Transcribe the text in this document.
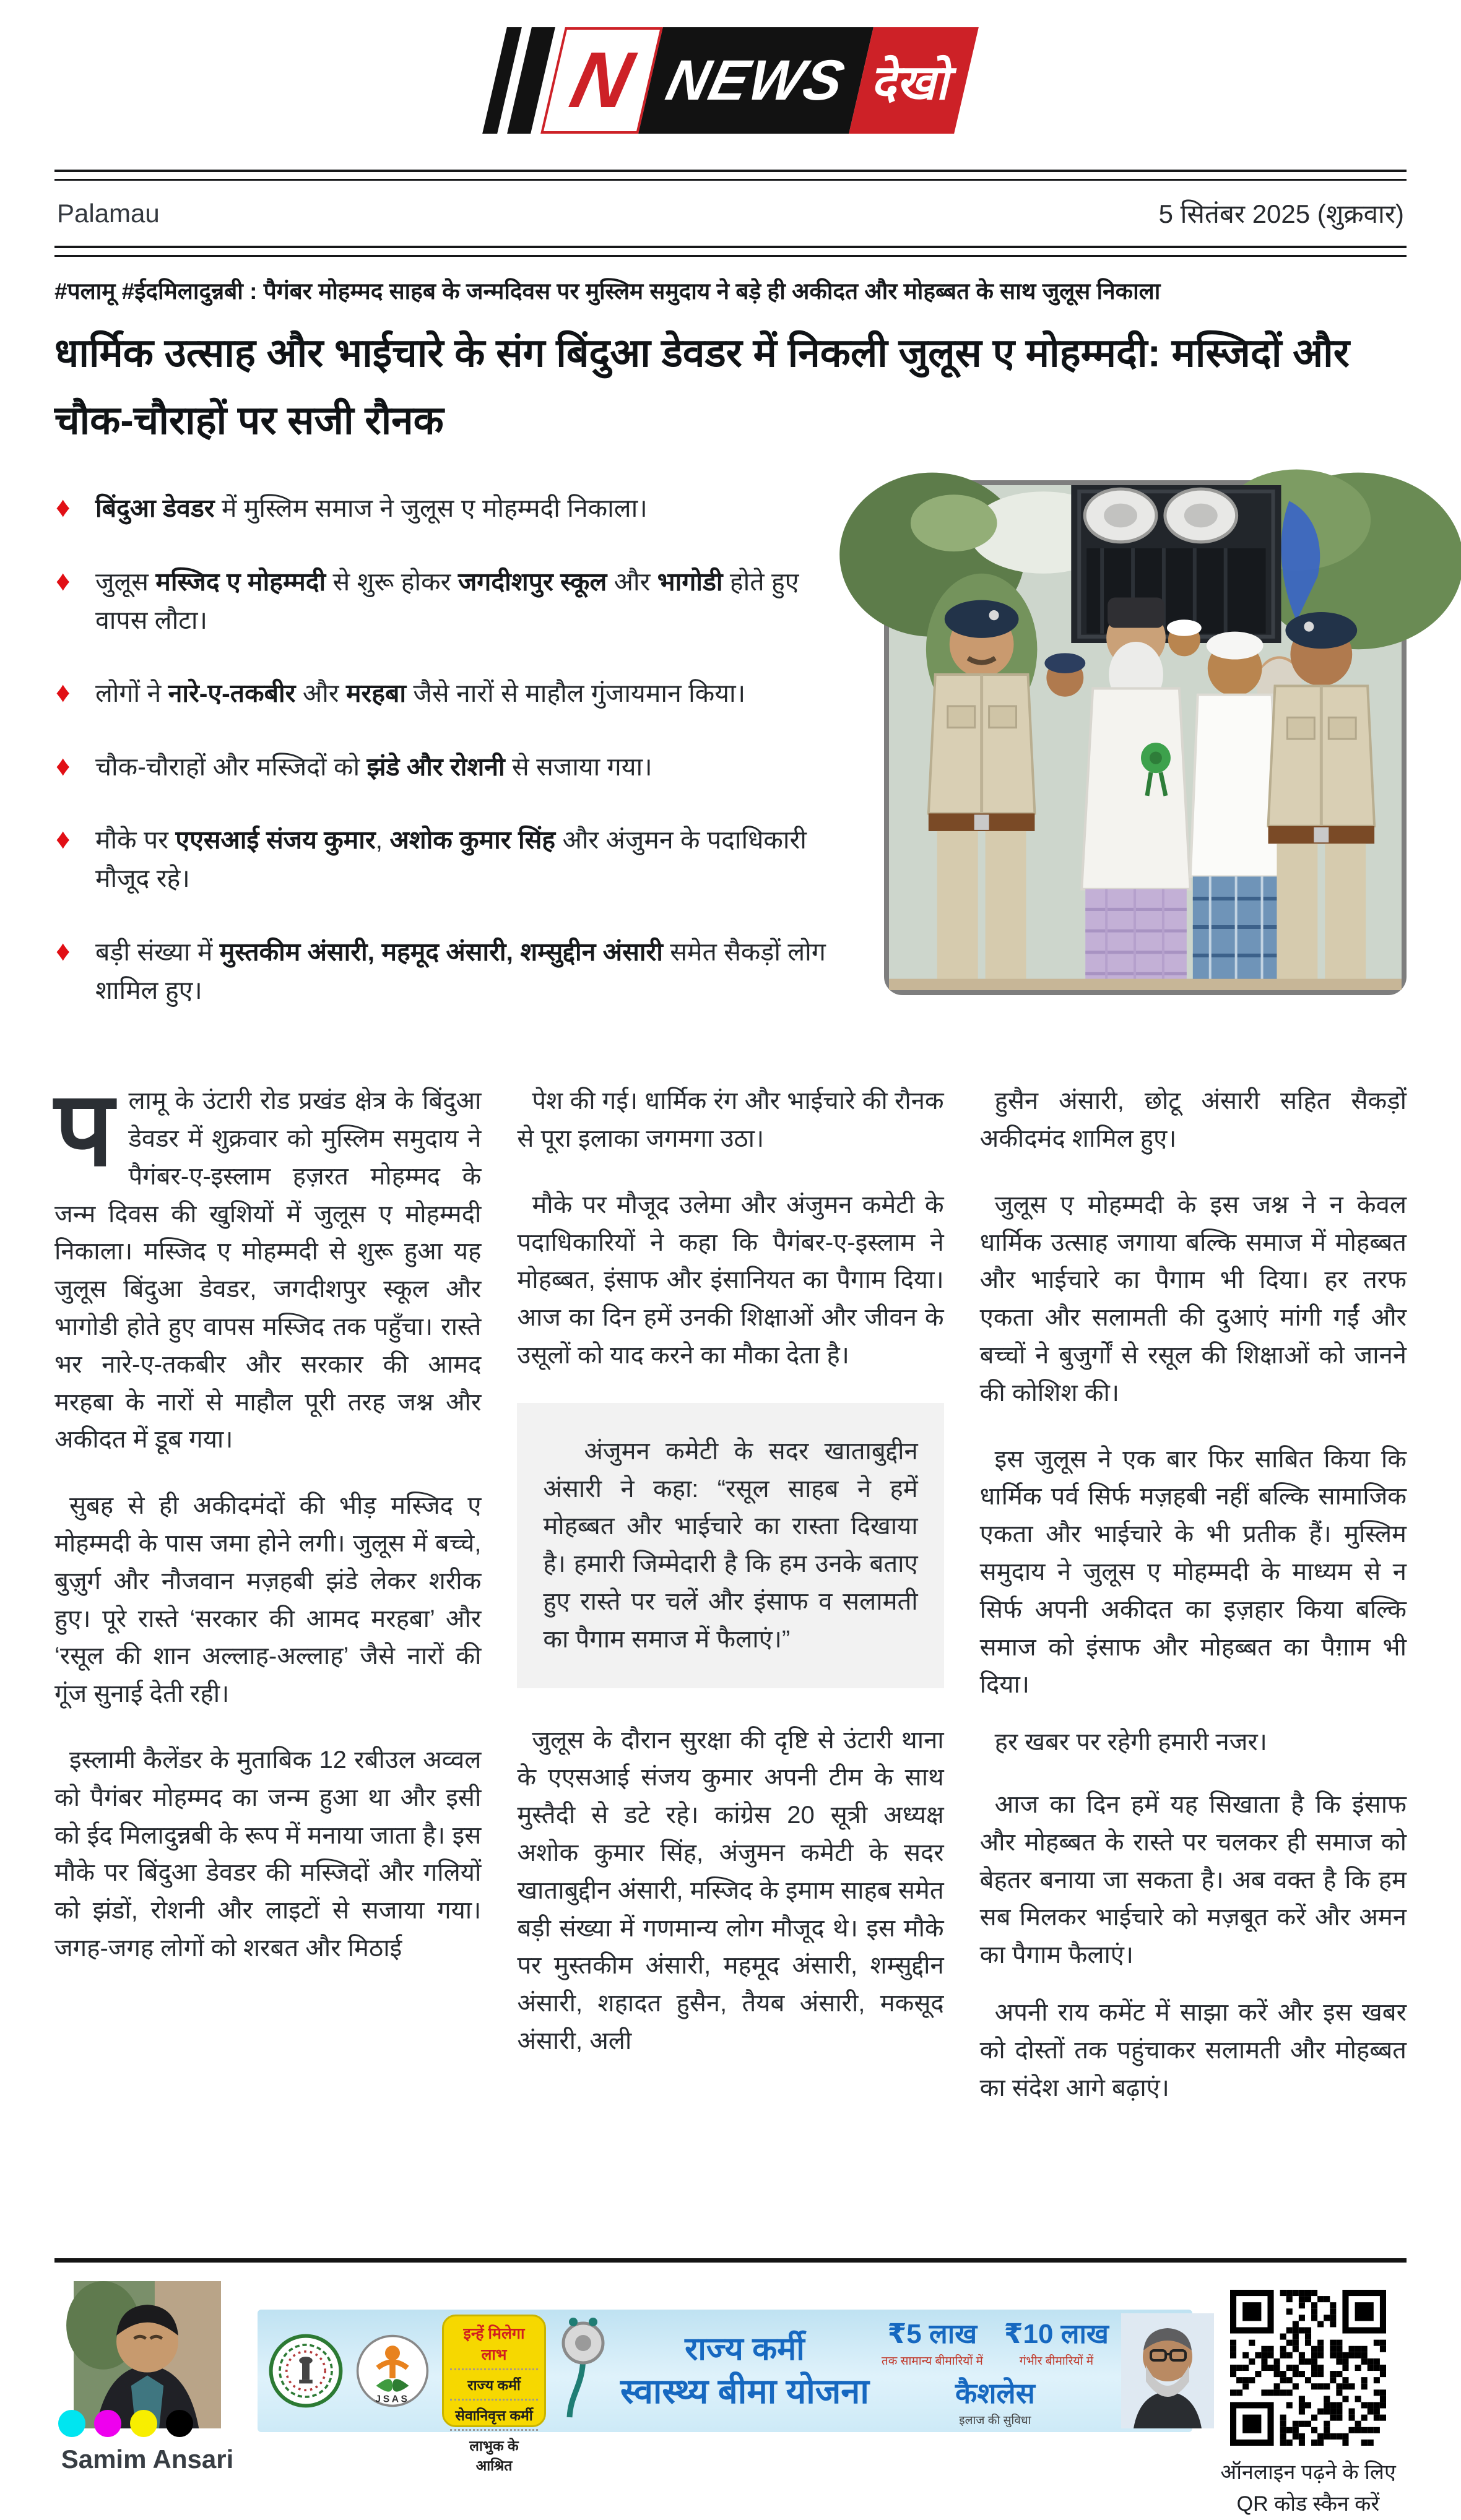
N NEWS देखो
Palamau	5 सितंबर 2025 (शुक्रवार)
#पलामू #ईदमिलादुन्नबी : पैगंबर मोहम्मद साहब के जन्मदिवस पर मुस्लिम समुदाय ने बड़े ही अकीदत और मोहब्बत के साथ जुलूस निकाला
धार्मिक उत्साह और भाईचारे के संग बिंदुआ डेवडर में निकली जुलूस ए मोहम्मदी: मस्जिदों और चौक-चौराहों पर सजी रौनक
♦ बिंदुआ डेवडर में मुस्लिम समाज ने जुलूस ए मोहम्मदी निकाला।
♦ जुलूस मस्जिद ए मोहम्मदी से शुरू होकर जगदीशपुर स्कूल और भागोडी होते हुए वापस लौटा।
♦ लोगों ने नारे-ए-तकबीर और मरहबा जैसे नारों से माहौल गुंजायमान किया।
♦ चौक-चौराहों और मस्जिदों को झंडे और रोशनी से सजाया गया।
♦ मौके पर एएसआई संजय कुमार, अशोक कुमार सिंह और अंजुमन के पदाधिकारी मौजूद रहे।
♦ बड़ी संख्या में मुस्तकीम अंसारी, महमूद अंसारी, शम्सुद्दीन अंसारी समेत सैकड़ों लोग शामिल हुए।

पलामू के उंटारी रोड प्रखंड क्षेत्र के बिंदुआ डेवडर में शुक्रवार को मुस्लिम समुदाय ने पैगंबर-ए-इस्लाम हज़रत मोहम्मद के जन्म दिवस की खुशियों में जुलूस ए मोहम्मदी निकाला। मस्जिद ए मोहम्मदी से शुरू हुआ यह जुलूस बिंदुआ डेवडर, जगदीशपुर स्कूल और भागोडी होते हुए वापस मस्जिद तक पहुँचा। रास्ते भर नारे-ए-तकबीर और सरकार की आमद मरहबा के नारों से माहौल पूरी तरह जश्न और अकीदत में डूब गया।

सुबह से ही अकीदमंदों की भीड़ मस्जिद ए मोहम्मदी के पास जमा होने लगी। जुलूस में बच्चे, बुज़ुर्ग और नौजवान मज़हबी झंडे लेकर शरीक हुए। पूरे रास्ते ‘सरकार की आमद मरहबा’ और ‘रसूल की शान अल्लाह-अल्लाह’ जैसे नारों की गूंज सुनाई देती रही।

इस्लामी कैलेंडर के मुताबिक 12 रबीउल अव्वल को पैगंबर मोहम्मद का जन्म हुआ था और इसी को ईद मिलादुन्नबी के रूप में मनाया जाता है। इस मौके पर बिंदुआ डेवडर की मस्जिदों और गलियों को झंडों, रोशनी और लाइटों से सजाया गया। जगह-जगह लोगों को शरबत और मिठाई

पेश की गई। धार्मिक रंग और भाईचारे की रौनक से पूरा इलाका जगमगा उठा।

मौके पर मौजूद उलेमा और अंजुमन कमेटी के पदाधिकारियों ने कहा कि पैगंबर-ए-इस्लाम ने मोहब्बत, इंसाफ और इंसानियत का पैगाम दिया। आज का दिन हमें उनकी शिक्षाओं और जीवन के उसूलों को याद करने का मौका देता है।

अंजुमन कमेटी के सदर खाताबुद्दीन अंसारी ने कहा: “रसूल साहब ने हमें मोहब्बत और भाईचारे का रास्ता दिखाया है। हमारी जिम्मेदारी है कि हम उनके बताए हुए रास्ते पर चलें और इंसाफ व सलामती का पैगाम समाज में फैलाएं।”

जुलूस के दौरान सुरक्षा की दृष्टि से उंटारी थाना के एएसआई संजय कुमार अपनी टीम के साथ मुस्तैदी से डटे रहे। कांग्रेस 20 सूत्री अध्यक्ष अशोक कुमार सिंह, अंजुमन कमेटी के सदर खाताबुद्दीन अंसारी, मस्जिद के इमाम साहब समेत बड़ी संख्या में गणमान्य लोग मौजूद थे। इस मौके पर मुस्तकीम अंसारी, महमूद अंसारी, शम्सुद्दीन अंसारी, शहादत हुसैन, तैयब अंसारी, मकसूद अंसारी, अली

हुसैन अंसारी, छोटू अंसारी सहित सैकड़ों अकीदमंद शामिल हुए।

जुलूस ए मोहम्मदी के इस जश्न ने न केवल धार्मिक उत्साह जगाया बल्कि समाज में मोहब्बत और भाईचारे का पैगाम भी दिया। हर तरफ एकता और सलामती की दुआएं मांगी गईं और बच्चों ने बुजुर्गों से रसूल की शिक्षाओं को जानने की कोशिश की।

इस जुलूस ने एक बार फिर साबित किया कि धार्मिक पर्व सिर्फ मज़हबी नहीं बल्कि सामाजिक एकता और भाईचारे के भी प्रतीक हैं। मुस्लिम समुदाय ने जुलूस ए मोहम्मदी के माध्यम से न सिर्फ अपनी अकीदत का इज़हार किया बल्कि समाज को इंसाफ और मोहब्बत का पैग़ाम भी दिया।

हर खबर पर रहेगी हमारी नजर।

आज का दिन हमें यह सिखाता है कि इंसाफ और मोहब्बत के रास्ते पर चलकर ही समाज को बेहतर बनाया जा सकता है। अब वक्त है कि हम सब मिलकर भाईचारे को मज़बूत करें और अमन का पैगाम फैलाएं।

अपनी राय कमेंट में साझा करें और इस खबर को दोस्तों तक पहुंचाकर सलामती और मोहब्बत का संदेश आगे बढ़ाएं।

Samim Ansari
JSAS
इन्हें मिलेगा लाभ
राज्य कर्मी
सेवानिवृत्त कर्मी
लाभुक के आश्रित
राज्य कर्मी
स्वास्थ्य बीमा योजना
₹5 लाख
तक सामान्य बीमारियों में
₹10 लाख
गंभीर बीमारियों में
कैशलेस
इलाज की सुविधा
ऑनलाइन पढ़ने के लिए
QR कोड स्कैन करें
